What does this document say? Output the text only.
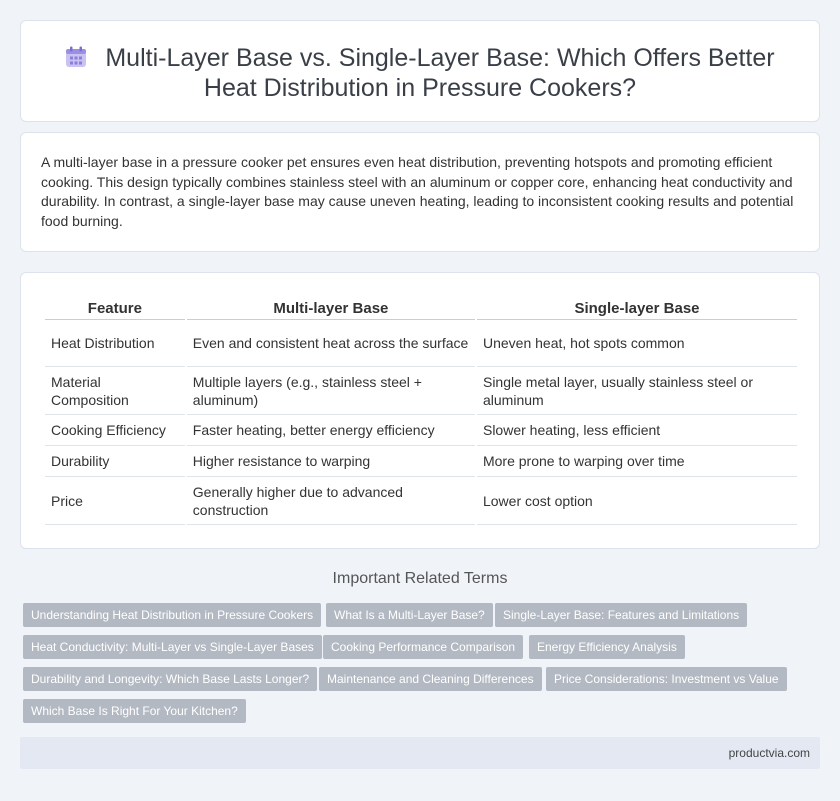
Multi-Layer Base vs. Single-Layer Base: Which Offers Better Heat Distribution in Pressure Cookers?

A multi-layer base in a pressure cooker pet ensures even heat distribution, preventing hotspots and promoting efficient cooking. This design typically combines stainless steel with an aluminum or copper core, enhancing heat conductivity and durability. In contrast, a single-layer base may cause uneven heating, leading to inconsistent cooking results and potential food burning.

Feature	Multi-layer Base	Single-layer Base
Heat Distribution	Even and consistent heat across the surface	Uneven heat, hot spots common
Material Composition	Multiple layers (e.g., stainless steel + aluminum)	Single metal layer, usually stainless steel or aluminum
Cooking Efficiency	Faster heating, better energy efficiency	Slower heating, less efficient
Durability	Higher resistance to warping	More prone to warping over time
Price	Generally higher due to advanced construction	Lower cost option
Important Related Terms
Understanding Heat Distribution in Pressure Cookers	What Is a Multi-Layer Base?	Single-Layer Base: Features and Limitations
Heat Conductivity: Multi-Layer vs Single-Layer Bases	Cooking Performance Comparison	Energy Efficiency Analysis
Durability and Longevity: Which Base Lasts Longer?	Maintenance and Cleaning Differences	Price Considerations: Investment vs Value
Which Base Is Right For Your Kitchen?
productvia.com
